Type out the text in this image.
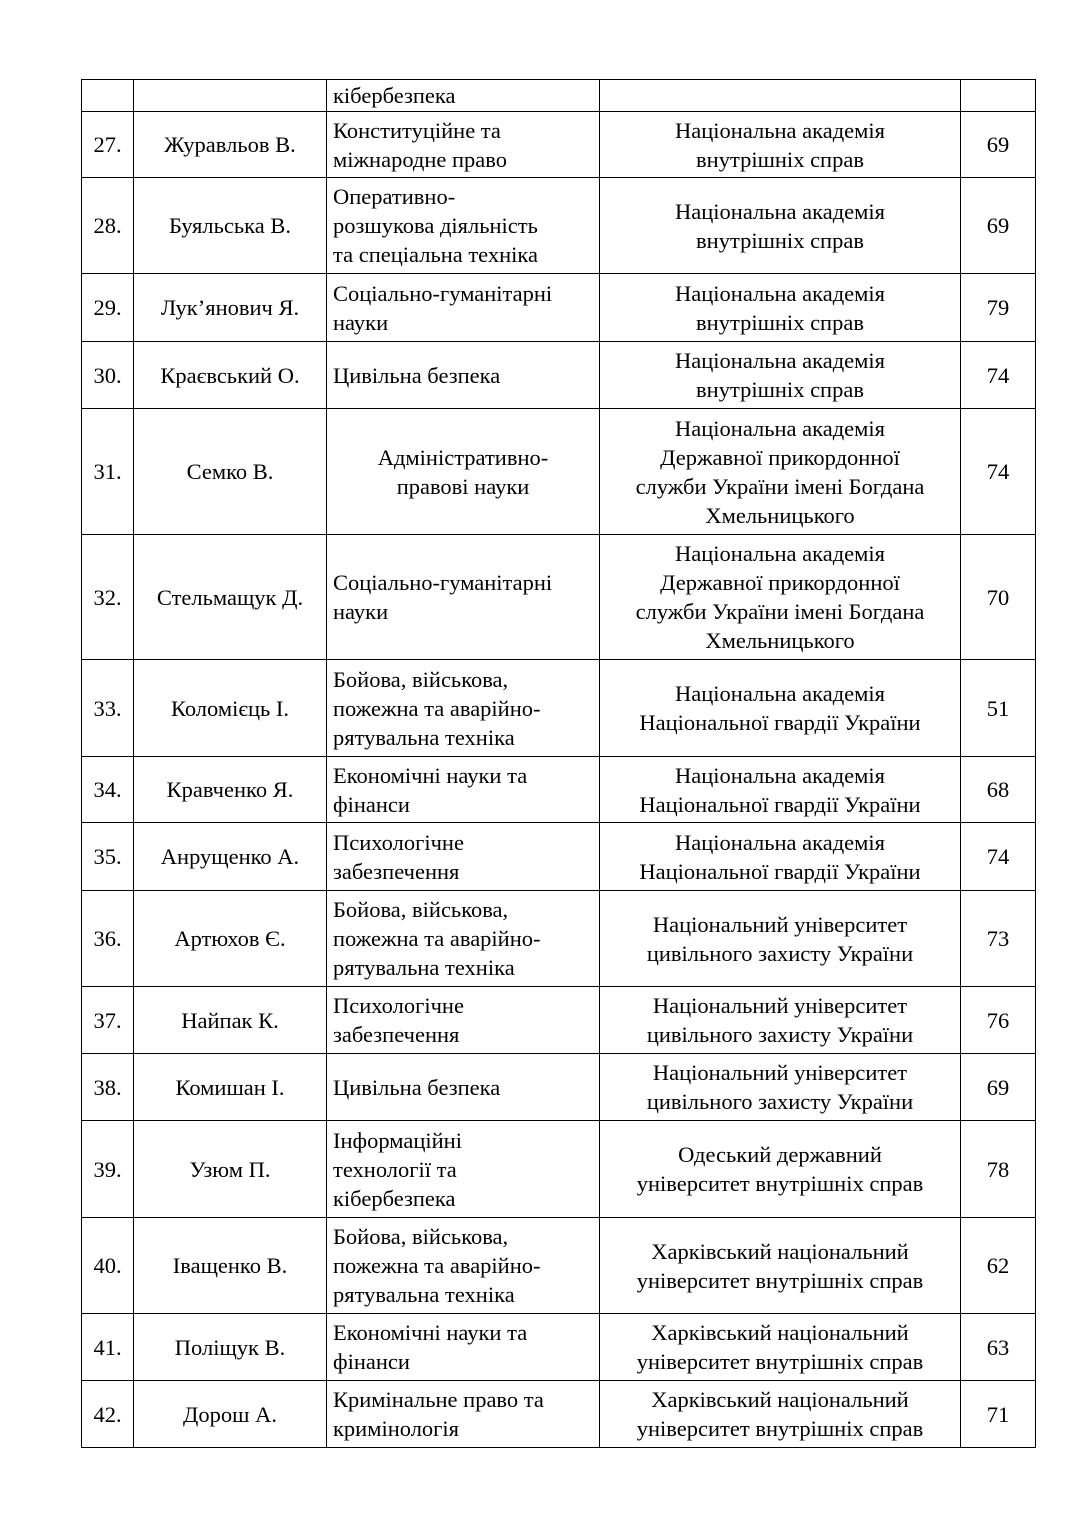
		кібербезпека		

27.	Журавльов В.	Конституційне та
міжнародне право	Національна академія
внутрішніх справ	69
28.	Буяльська В.	Оперативно-
розшукова діяльність
та спеціальна техніка	Національна академія
внутрішніх справ	69
29.	Лук’янович Я.	Соціально-гуманітарні
науки	Національна академія
внутрішніх справ	79
30.	Краєвський О.	Цивільна безпека	Національна академія
внутрішніх справ	74
31.	Семко В.	Адміністративно-
правові науки	Національна академія
Державної прикордонної
служби України імені Богдана
Хмельницького	74
32.	Стельмащук Д.	Соціально-гуманітарні
науки	Національна академія
Державної прикордонної
служби України імені Богдана
Хмельницького	70
33.	Коломієць І.	Бойова, військова,
пожежна та аварійно-
рятувальна техніка	Національна академія
Національної гвардії України	51
34.	Кравченко Я.	Економічні науки та
фінанси	Національна академія
Національної гвардії України	68
35.	Анрущенко А.	Психологічне
забезпечення	Національна академія
Національної гвардії України	74
36.	Артюхов Є.	Бойова, військова,
пожежна та аварійно-
рятувальна техніка	Національний університет
цивільного захисту України	73
37.	Найпак К.	Психологічне
забезпечення	Національний університет
цивільного захисту України	76
38.	Комишан І.	Цивільна безпека	Національний університет
цивільного захисту України	69
39.	Узюм П.	Інформаційні
технології та
кібербезпека	Одеський державний
університет внутрішніх справ	78
40.	Іващенко В.	Бойова, військова,
пожежна та аварійно-
рятувальна техніка	Харківський національний
університет внутрішніх справ	62
41.	Поліщук В.	Економічні науки та
фінанси	Харківський національний
університет внутрішніх справ	63
42.	Дорош А.	Кримінальне право та
кримінологія	Харківський національний
університет внутрішніх справ	71
